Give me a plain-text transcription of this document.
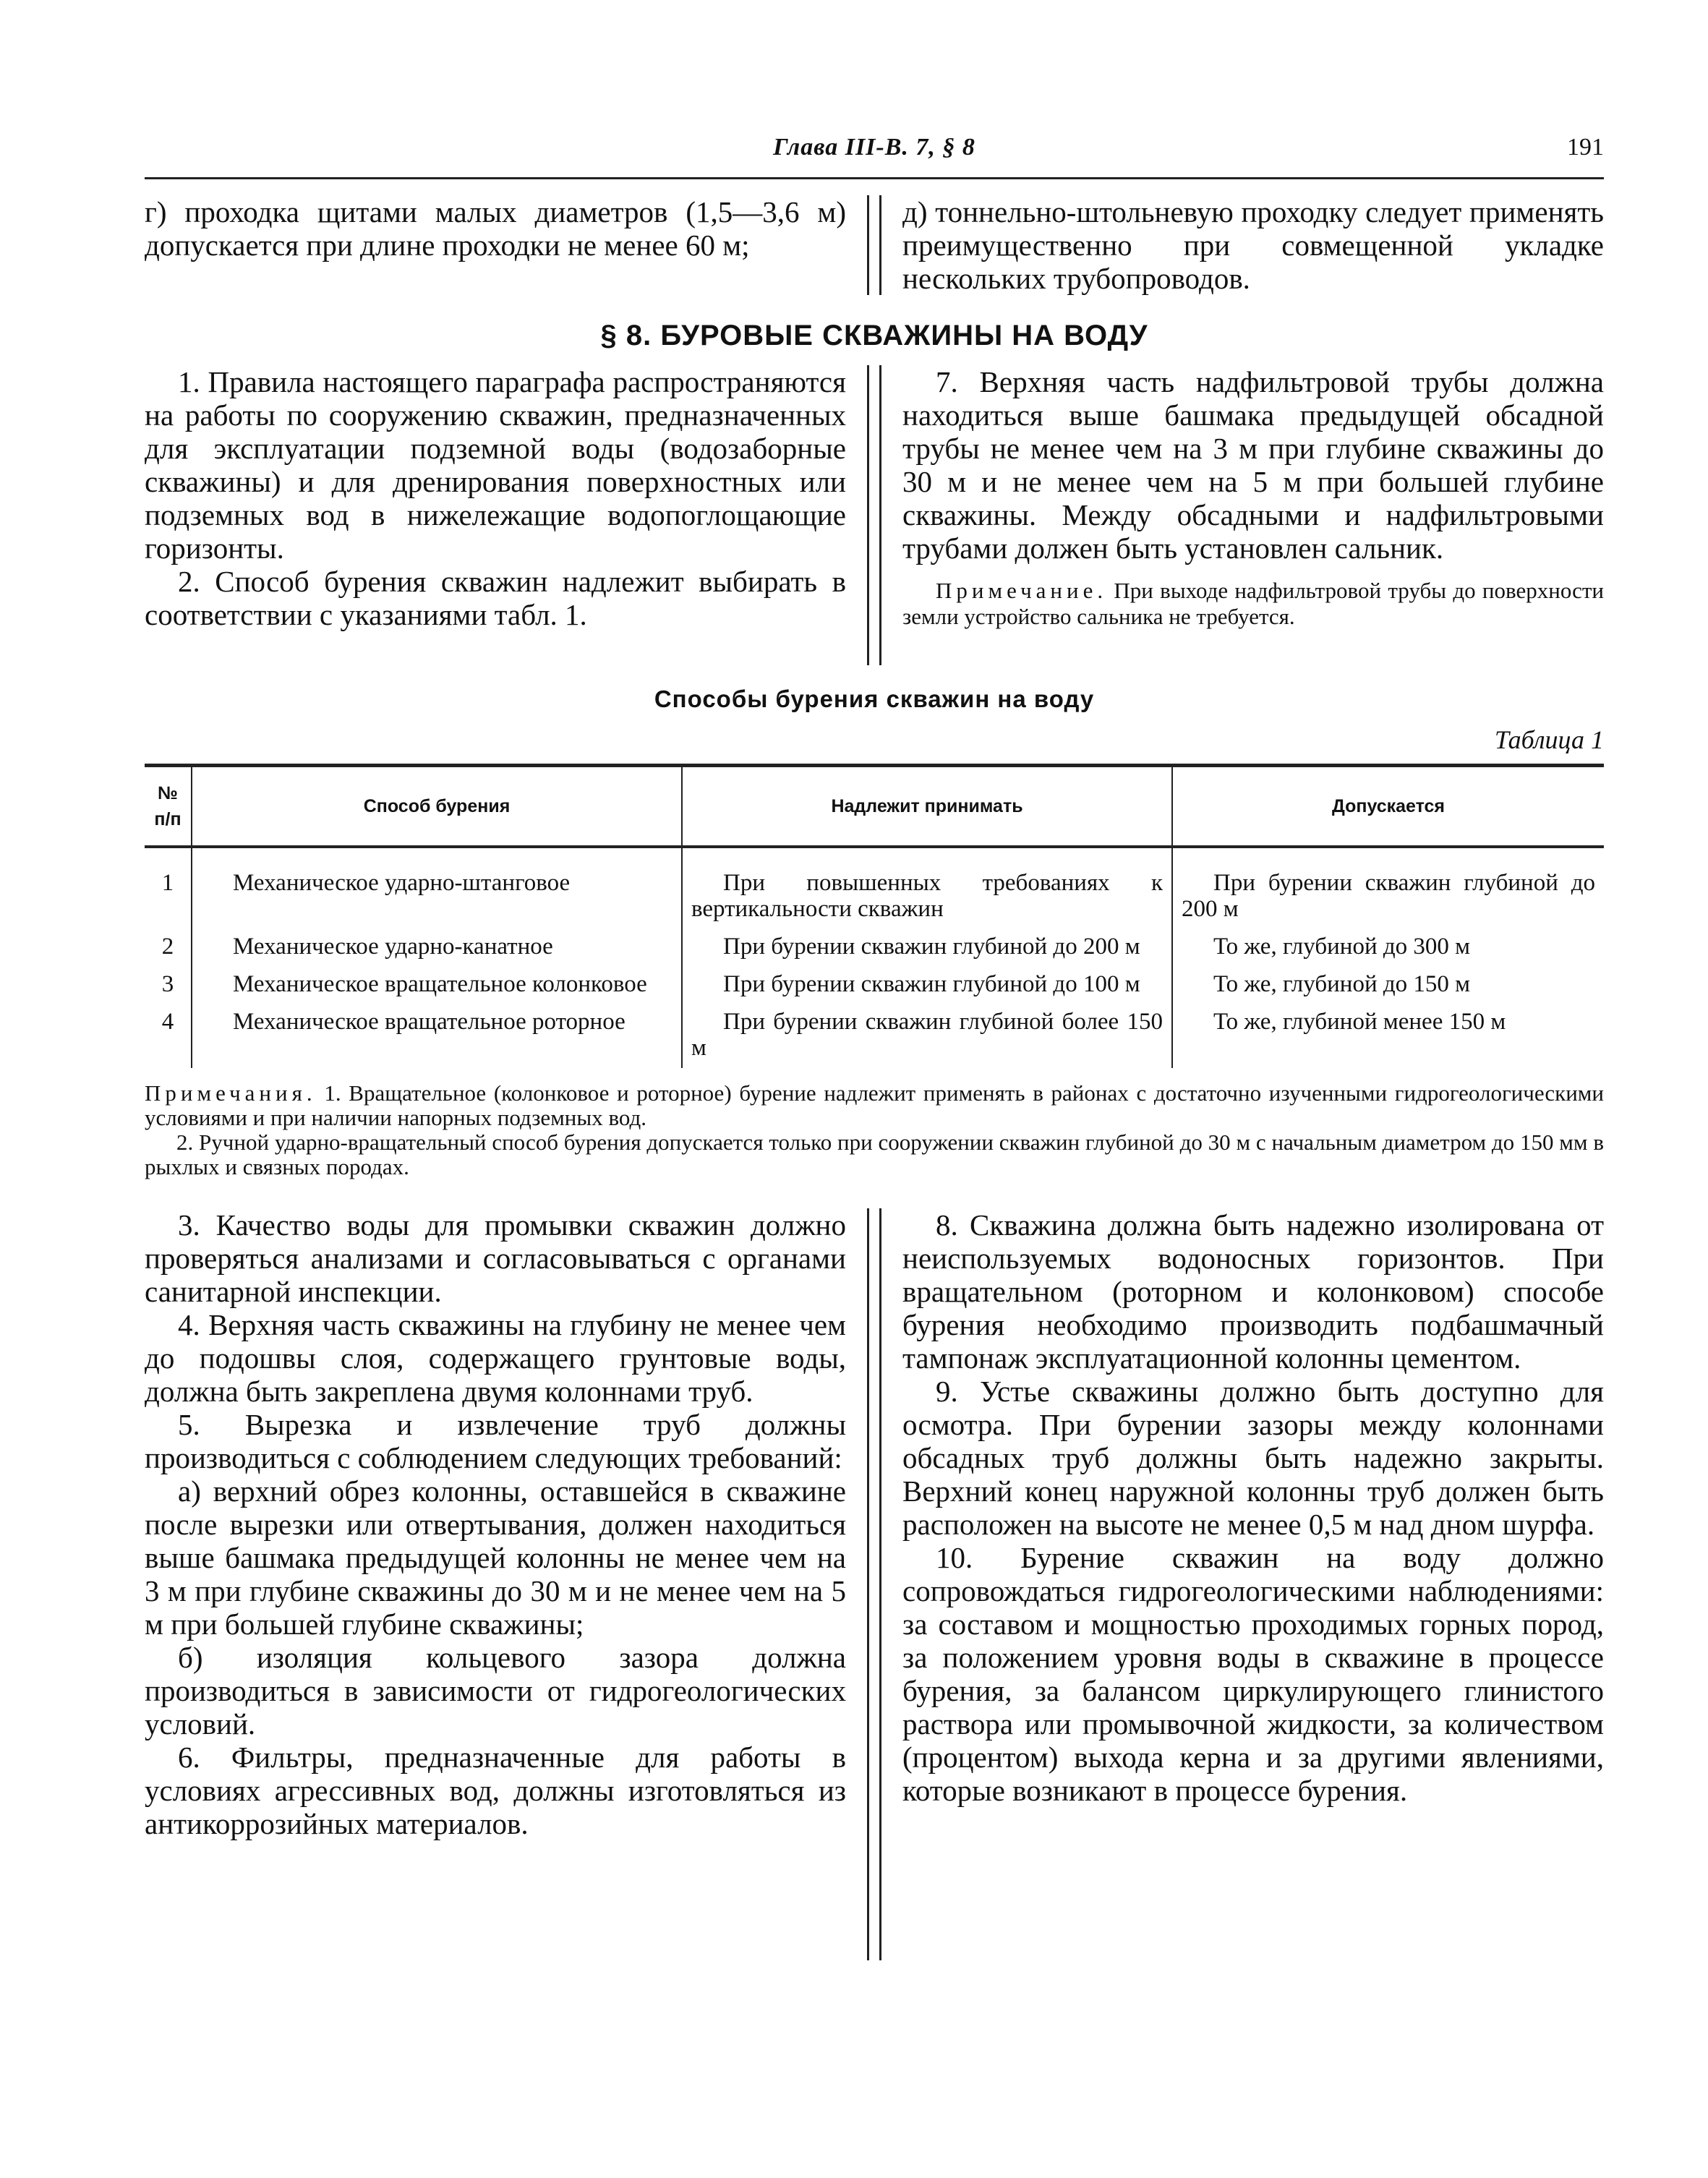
Глава III-В. 7, § 8	191

г) проходка щитами малых диаметров (1,5—3,6 м) допускается при длине проходки не менее 60 м;

д) тоннельно-штольневую проходку следует применять преимущественно при совмещенной укладке нескольких трубопроводов.

§ 8. БУРОВЫЕ СКВАЖИНЫ НА ВОДУ

1. Правила настоящего параграфа распространяются на работы по сооружению скважин, предназначенных для эксплуатации подземной воды (водозаборные скважины) и для дренирования поверхностных или подземных вод в нижележащие водопоглощающие горизонты.

2. Способ бурения скважин надлежит выбирать в соответствии с указаниями табл. 1.

7. Верхняя часть надфильтровой трубы должна находиться выше башмака предыдущей обсадной трубы не менее чем на 3 м при глубине скважины до 30 м и не менее чем на 5 м при большей глубине скважины. Между обсадными и надфильтровыми трубами должен быть установлен сальник.

Примечание. При выходе надфильтровой трубы до поверхности земли устройство сальника не требуется.
Способы бурения скважин на воду
Таблица 1
№ п/п	Способ бурения	Надлежит принимать	Допускается
1	Механическое ударно-штанговое	При повышенных требованиях к вертикальности скважин	При бурении скважин глубиной до 200 м

2	Механическое ударно-канатное	При бурении скважин глубиной до 200 м	То же, глубиной до 300 м

3	Механическое вращательное колонковое	При бурении скважин глубиной до 100 м	То же, глубиной до 150 м

4	Механическое вращательное роторное	При бурении скважин глубиной более 150 м	То же, глубиной менее 150 м

Примечания. 1. Вращательное (колонковое и роторное) бурение надлежит применять в районах с достаточно изученными гидрогеологическими условиями и при наличии напорных подземных вод.

2. Ручной ударно-вращательный способ бурения допускается только при сооружении скважин глубиной до 30 м с начальным диаметром до 150 мм в рыхлых и связных породах.

3. Качество воды для промывки скважин должно проверяться анализами и согласовываться с органами санитарной инспекции.

4. Верхняя часть скважины на глубину не менее чем до подошвы слоя, содержащего грунтовые воды, должна быть закреплена двумя колоннами труб.

5. Вырезка и извлечение труб должны производиться с соблюдением следующих требований:

а) верхний обрез колонны, оставшейся в скважине после вырезки или отвертывания, должен находиться выше башмака предыдущей колонны не менее чем на 3 м при глубине скважины до 30 м и не менее чем на 5 м при большей глубине скважины;

б) изоляция кольцевого зазора должна производиться в зависимости от гидрогеологических условий.

6. Фильтры, предназначенные для работы в условиях агрессивных вод, должны изготовляться из антикоррозийных материалов.

8. Скважина должна быть надежно изолирована от неиспользуемых водоносных горизонтов. При вращательном (роторном и колонковом) способе бурения необходимо производить подбашмачный тампонаж эксплуатационной колонны цементом.

9. Устье скважины должно быть доступно для осмотра. При бурении зазоры между колоннами обсадных труб должны быть надежно закрыты. Верхний конец наружной колонны труб должен быть расположен на высоте не менее 0,5 м над дном шурфа.

10. Бурение скважин на воду должно сопровождаться гидрогеологическими наблюдениями: за составом и мощностью проходимых горных пород, за положением уровня воды в скважине в процессе бурения, за балансом циркулирующего глинистого раствора или промывочной жидкости, за количеством (процентом) выхода керна и за другими явлениями, которые возникают в процессе бурения.
